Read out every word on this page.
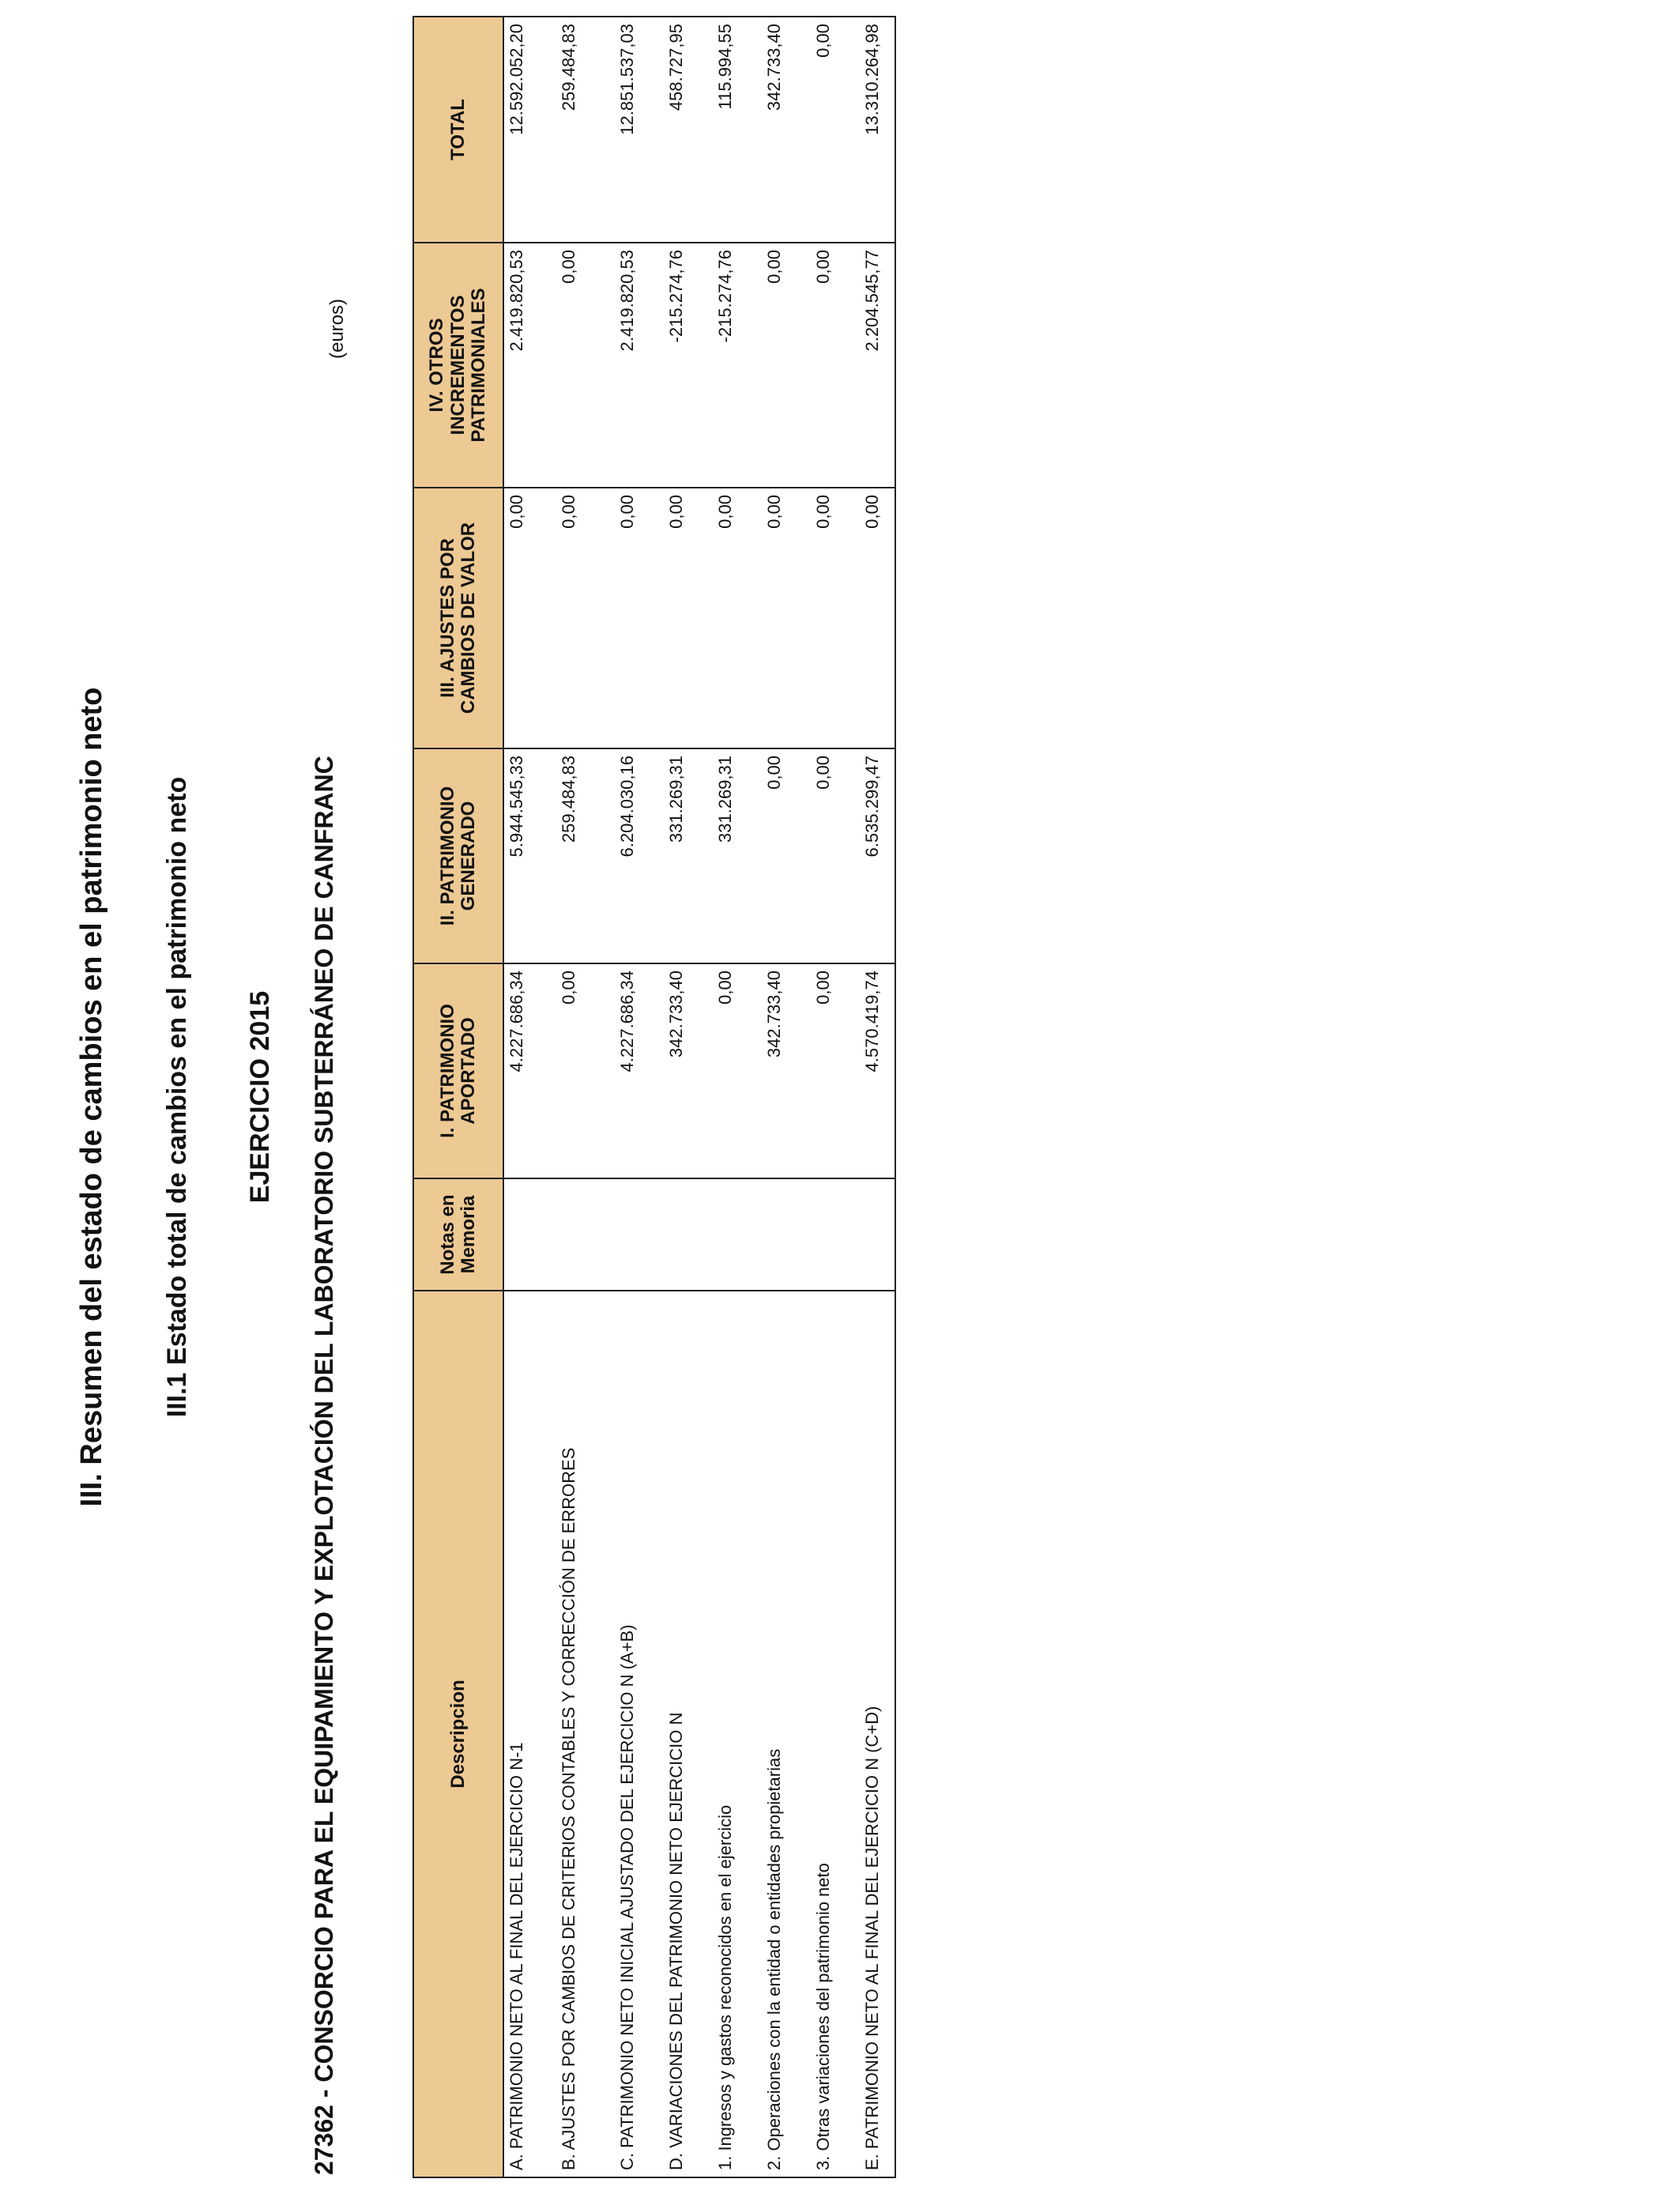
III. Resumen del estado de cambios en el patrimonio neto III.1 Estado total de cambios en el patrimonio neto EJERCICIO 2015 27362 - CONSORCIO PARA EL EQUIPAMIENTO Y EXPLOTACIÓN DEL LABORATORIO SUBTERRÁNEO DE CANFRANC
(euros)
Descripcion	Notas en Memoria	I. PATRIMONIO APORTADO	II. PATRIMONIO GENERADO	III. AJUSTES POR CAMBIOS DE VALOR	IV. OTROS INCREMENTOS PATRIMONIALES	TOTAL
A. PATRIMONIO NETO AL FINAL DEL EJERCICIO N-1		4.227.686,34	5.944.545,33	0,00	2.419.820,53	12.592.052,20
B. AJUSTES POR CAMBIOS DE CRITERIOS CONTABLES Y CORRECCIÓN DE ERRORES		0,00	259.484,83	0,00	0,00	259.484,83
C. PATRIMONIO NETO INICIAL AJUSTADO DEL EJERCICIO N (A+B)		4.227.686,34	6.204.030,16	0,00	2.419.820,53	12.851.537,03
D. VARIACIONES DEL PATRIMONIO NETO EJERCICIO N		342.733,40	331.269,31	0,00	-215.274,76	458.727,95
1. Ingresos y gastos reconocidos en el ejercicio		0,00	331.269,31	0,00	-215.274,76	115.994,55
2. Operaciones con la entidad o entidades propietarias		342.733,40	0,00	0,00	0,00	342.733,40
3. Otras variaciones del patrimonio neto		0,00	0,00	0,00	0,00	0,00
E. PATRIMONIO NETO AL FINAL DEL EJERCICIO N (C+D)		4.570.419,74	6.535.299,47	0,00	2.204.545,77	13.310.264,98
